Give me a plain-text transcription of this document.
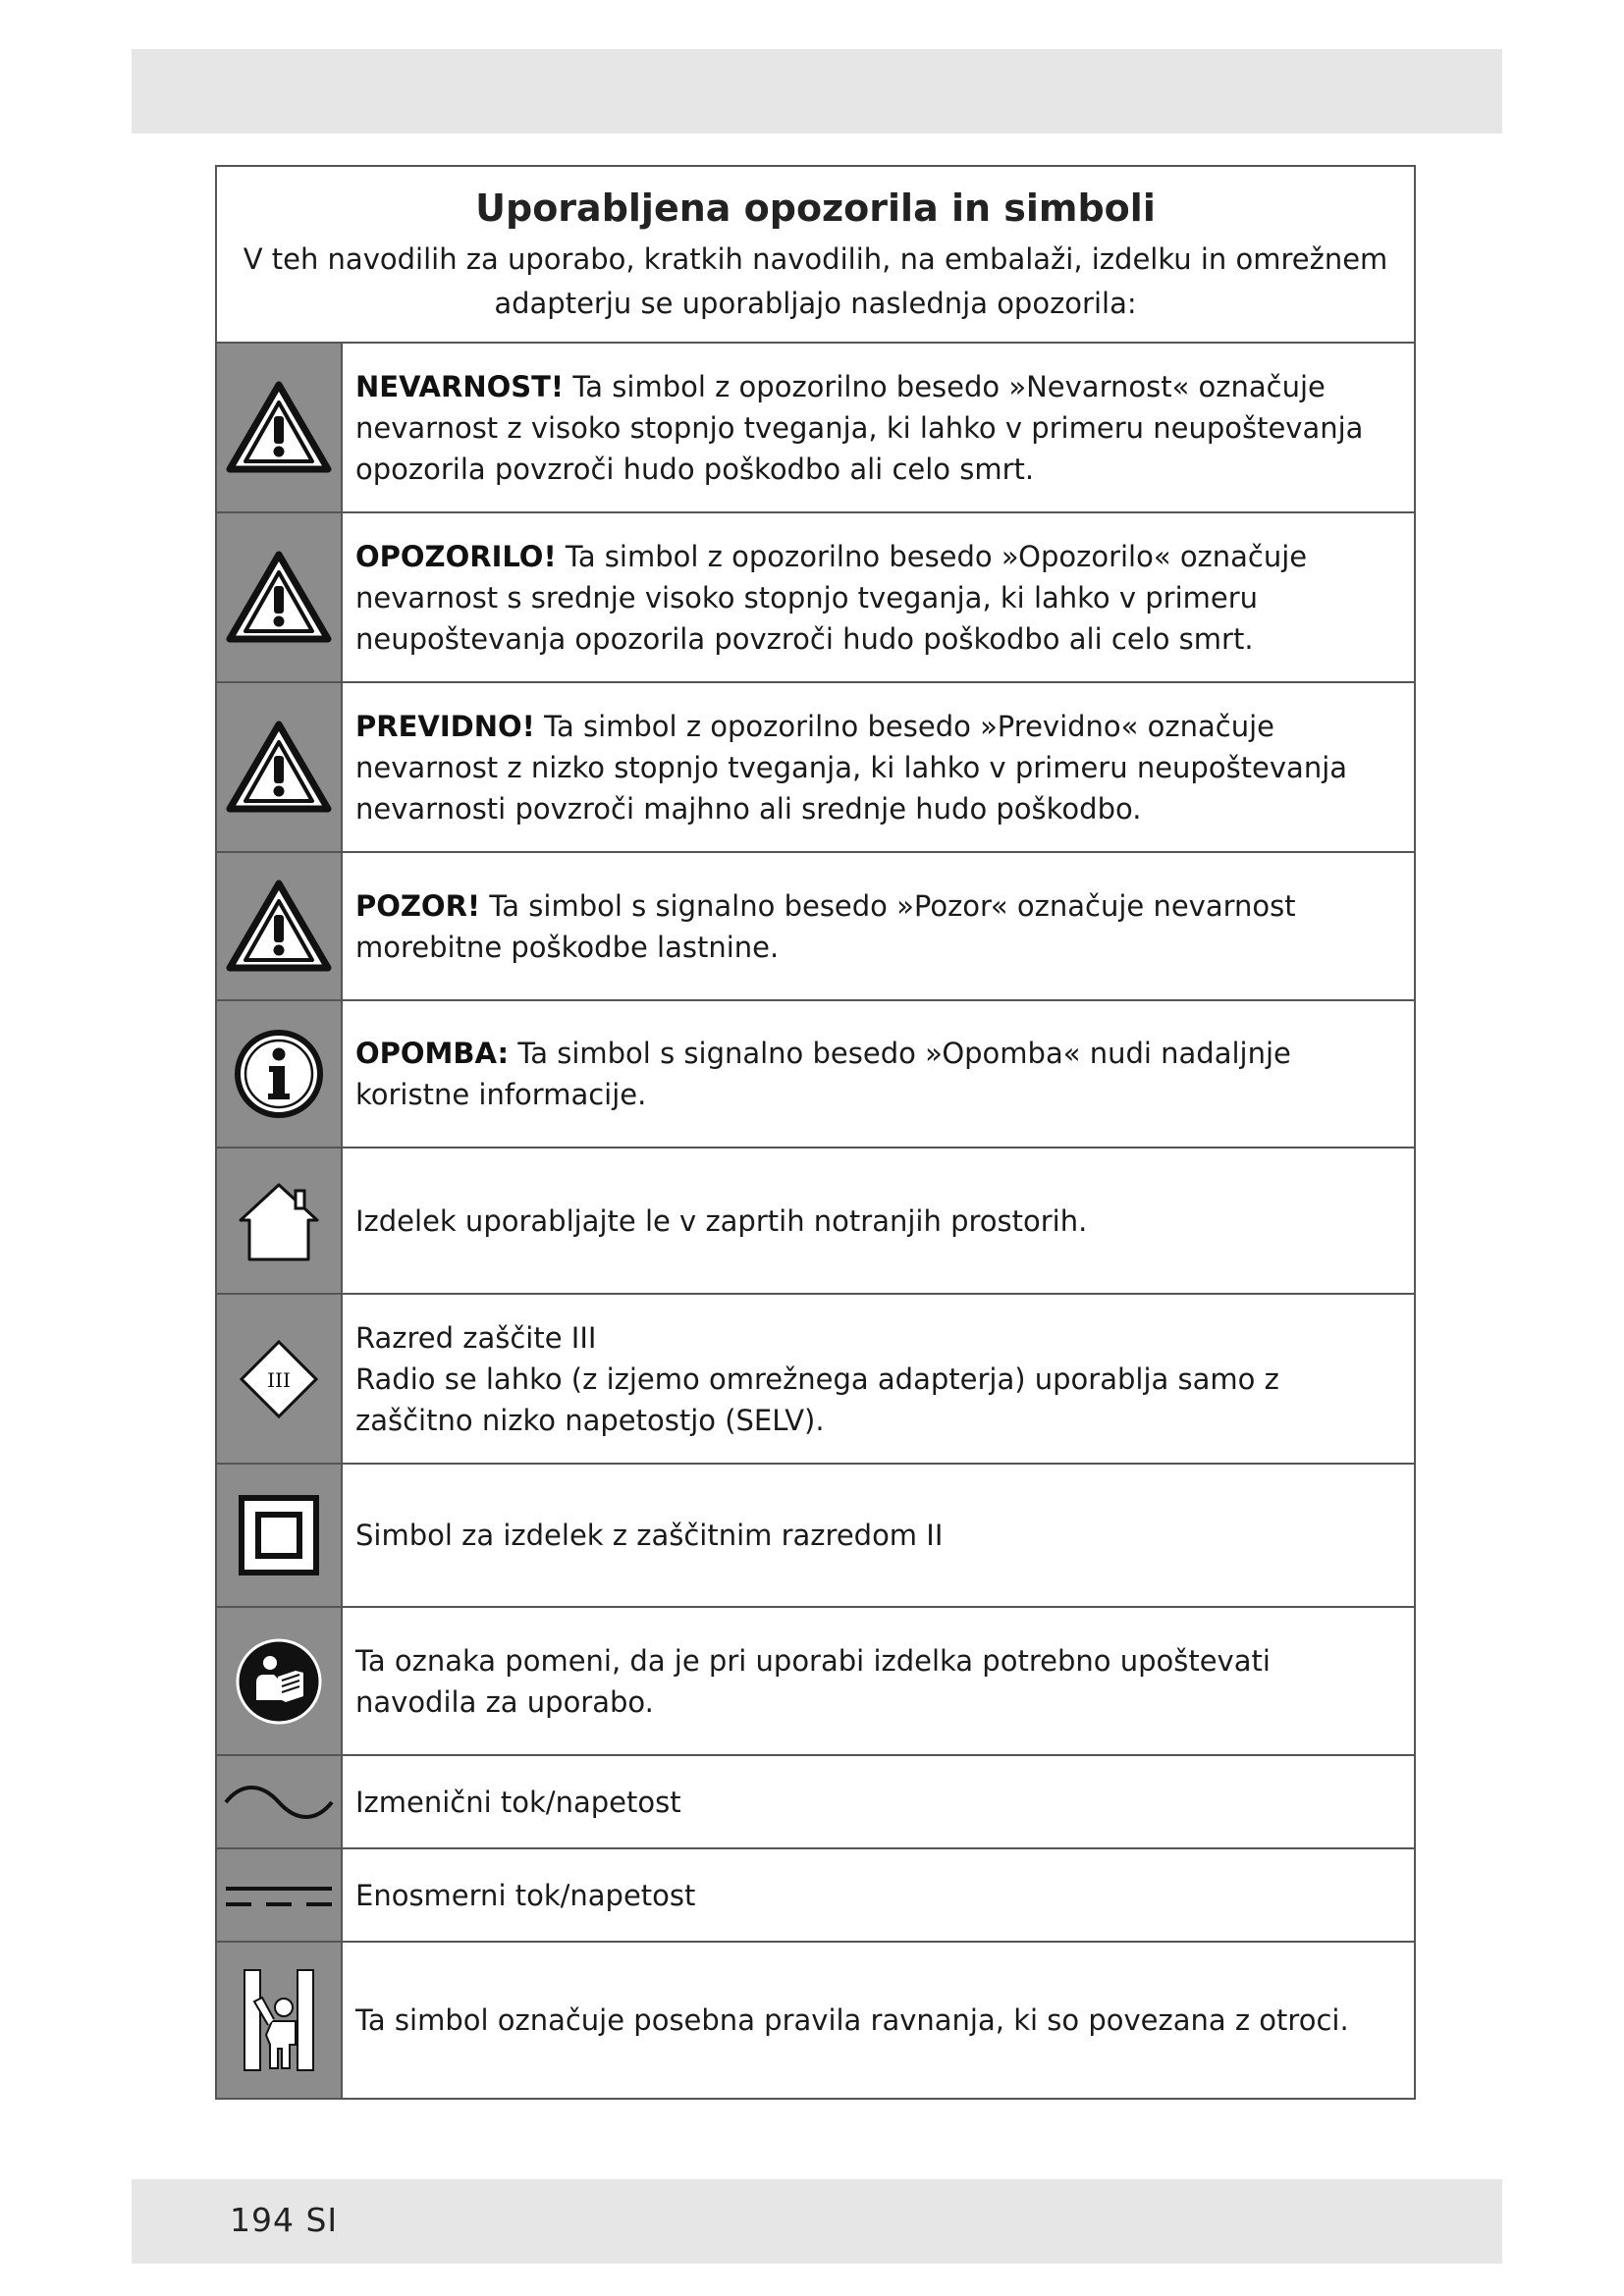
Uporabljena opozorila in simboli
V teh navodilih za uporabo, kratkih navodilih, na embalaži, izdelku in omrežnem adapterju se uporabljajo naslednja opozorila:
NEVARNOST! Ta simbol z opozorilno besedo »Nevarnost« označuje nevarnost z visoko stopnjo tveganja, ki lahko v primeru neupoštevanja opozorila povzroči hudo poškodbo ali celo smrt.
OPOZORILO! Ta simbol z opozorilno besedo »Opozorilo« označuje nevarnost s srednje visoko stopnjo tveganja, ki lahko v primeru neupoštevanja opozorila povzroči hudo poškodbo ali celo smrt.
PREVIDNO! Ta simbol z opozorilno besedo »Previdno« označuje nevarnost z nizko stopnjo tveganja, ki lahko v primeru neupoštevanja nevarnosti povzroči majhno ali srednje hudo poškodbo.
POZOR! Ta simbol s signalno besedo »Pozor« označuje nevarnost morebitne poškodbe lastnine.
OPOMBA: Ta simbol s signalno besedo »Opomba« nudi nadaljnje koristne informacije.
Izdelek uporabljajte le v zaprtih notranjih prostorih.
III
Razred zaščite III
Radio se lahko (z izjemo omrežnega adapterja) uporablja samo z zaščitno nizko napetostjo (SELV).
Simbol za izdelek z zaščitnim razredom II
Ta oznaka pomeni, da je pri uporabi izdelka potrebno upoštevati navodila za uporabo.
Izmenični tok/napetost
Enosmerni tok/napetost
Ta simbol označuje posebna pravila ravnanja, ki so povezana z otroci.
194 SI
